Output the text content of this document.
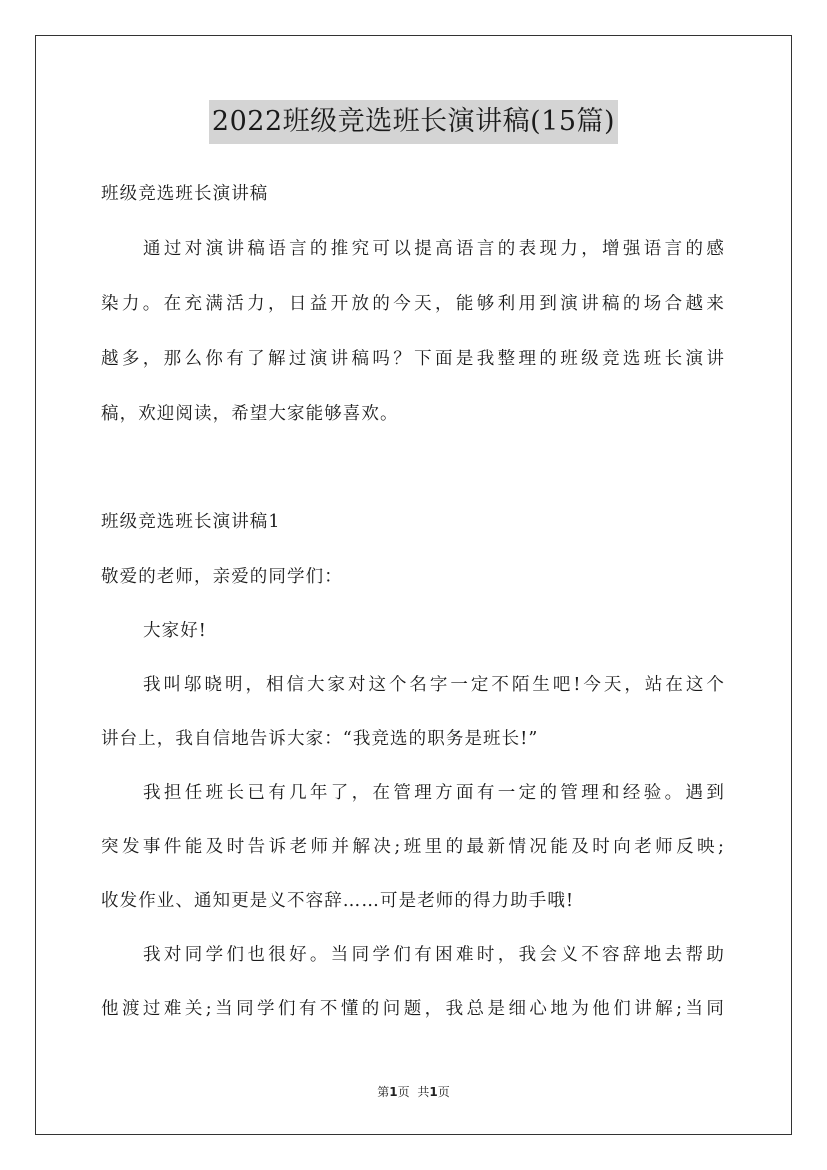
2022班级竞选班长演讲稿(15篇)
班级竞选班长演讲稿
通过对演讲稿语言的推究可以提高语言的表现力，增强语言的感
染力。在充满活力，日益开放的今天，能够利用到演讲稿的场合越来
越多，那么你有了解过演讲稿吗？下面是我整理的班级竞选班长演讲
稿，欢迎阅读，希望大家能够喜欢。
班级竞选班长演讲稿1
敬爱的老师，亲爱的同学们：
大家好!
我叫邬晓明，相信大家对这个名字一定不陌生吧!今天，站在这个
讲台上，我自信地告诉大家：“我竞选的职务是班长!”
我担任班长已有几年了，在管理方面有一定的管理和经验。遇到
突发事件能及时告诉老师并解决;班里的最新情况能及时向老师反映;
收发作业、通知更是义不容辞……可是老师的得力助手哦!
我对同学们也很好。当同学们有困难时，我会义不容辞地去帮助
他渡过难关;当同学们有不懂的问题，我总是细心地为他们讲解;当同
第1页 共1页
